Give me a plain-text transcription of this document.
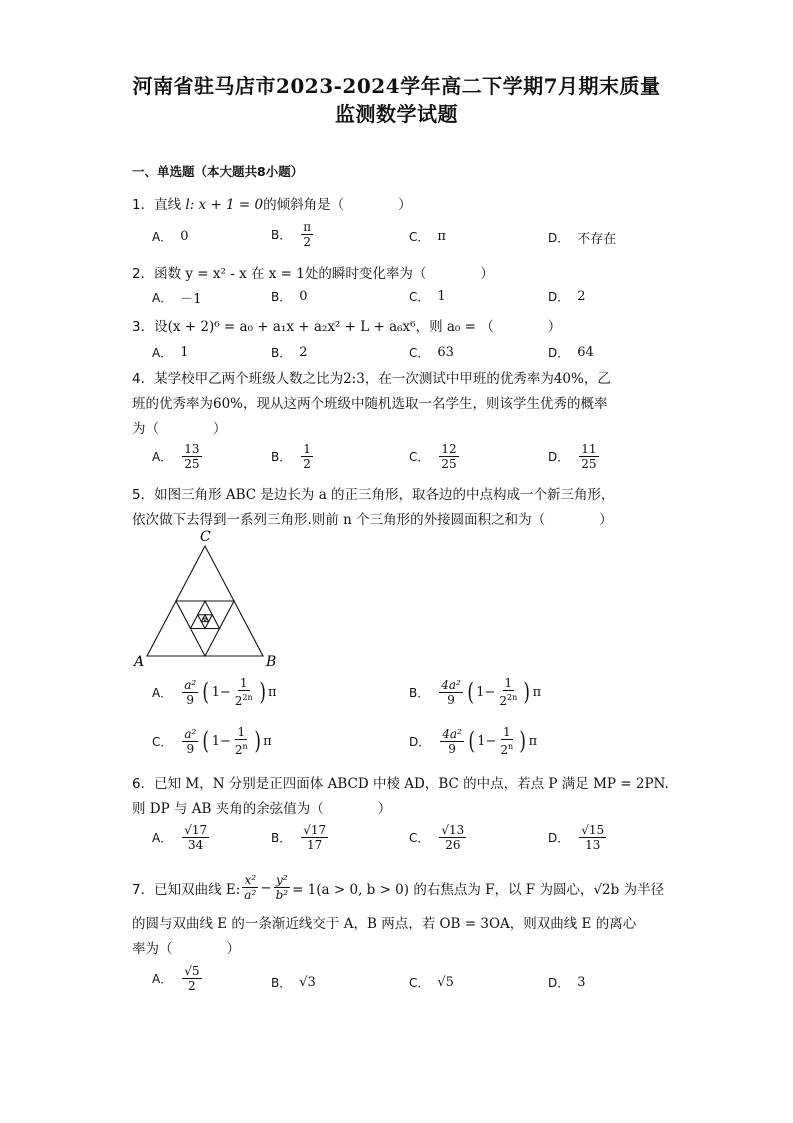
河南省驻马店市2023-2024学年高二下学期7月期末质量
监测数学试题
一、单选题（本大题共8小题）
1．直线 l: x + 1 = 0的倾斜角是（　　　　）
A． 0	B． $\frac{\pi}{2}$	C． π	D． 不存在
2．函数 y = x² - x 在 x = 1处的瞬时变化率为（　　　　）
A． －1	B． 0	C． 1	D． 2
3．设(x + 2)⁶ = a₀ + a₁x + a₂x² + L + a₆x⁶，则 a₀ = （　　　　）
A． 1	B． 2	C． 63	D． 64
4．某学校甲乙两个班级人数之比为2:3，在一次测试中甲班的优秀率为40%，乙
班的优秀率为60%，现从这两个班级中随机选取一名学生，则该学生优秀的概率
为（　　　　）
A． $\frac{13}{25}$	B． $\frac{1}{2}$	C． $\frac{12}{25}$	D． $\frac{11}{25}$
5．如图三角形 ABC 是边长为 a 的正三角形，取各边的中点构成一个新三角形，
依次做下去得到一系列三角形.则前 n 个三角形的外接圆面积之和为（　　　　）
C
A	B
A． $\frac{\text{a²}}{9}$ ( $1- \frac{1}{2^{2n}}$ ) π	B． $\frac{\text{4a²}}{9}$ ( $1- \frac{1}{2^{2n}}$ ) π
C． $\frac{\text{a²}}{9}$ ( $1- \frac{1}{2^n}$ ) π	D． $\frac{\text{4a²}}{9}$ ( $1- \frac{1}{2^n}$ ) π
6．已知 M，N 分别是正四面体 ABCD 中棱 AD，BC 的中点，若点 P 满足 MP = 2PN.
则 DP 与 AB 夹角的余弦值为（　　　　）
A． $\frac{√17}{34}$	B． $\frac{√17}{17}$	C． $\frac{√13}{26}$	D． $\frac{√15}{13}$
7． 已知双曲线 E: $\frac{\text{x²}}{\text{a²}} - \frac{\text{y²}}{\text{b²}} = 1(a > 0$, b > 0) 的右焦点为 F，以 F 为圆心，√2b 为半径
的圆与双曲线 E 的一条渐近线交于 A，B 两点，若 OB = 3OA，则双曲线 E 的离心
率为（　　　　）
A． $\frac{√5}{2}$	B． √3	C． √5	D． 3
